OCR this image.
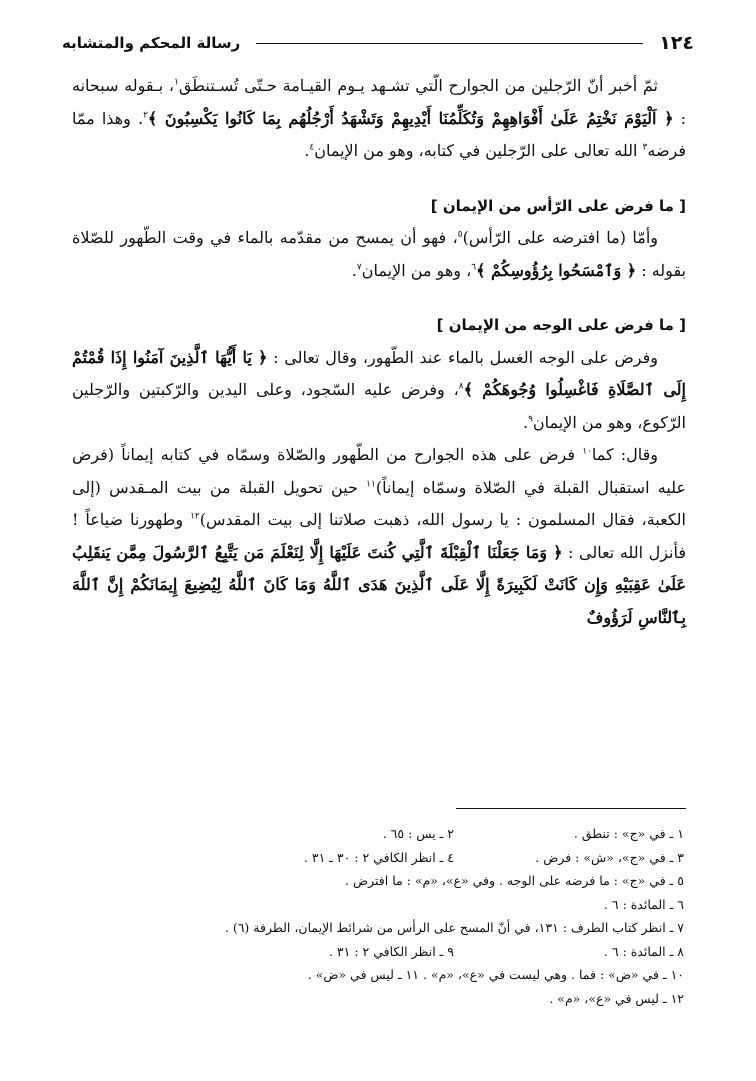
١٢٤
رسالة المحكم والمتشابه

ثمّ أخبر أنّ الرّجلين من الجوارح الّتي تشـهد يـوم القيـامة حـتّى تُسـتنطَق$^١$، بـقوله سبحانه : ﴿ اَلْيَوْمَ نَخْتِمُ عَلَىٰ أَفْوَاهِهِمْ وَتُكَلِّمُنَا أَيْدِيهِمْ وَتَشْهَدُ أَرْجُلُهُم بِمَا كَانُوا يَكْسِبُونَ ﴾$^٢$. وهذا ممّا فرضه$^٣$ الله تعالى على الرّجلين في كتابه، وهو من الإيمان$^٤$.

[ ما فرض على الرّأس من الإيمان ]

وأمّا (ما افترضه على الرّأس)$^٥$، فهو أن يمسح من مقدّمه بالماء في وقت الطّهور للصّلاة بقوله : ﴿ وَٱمْسَحُوا بِرُؤُوسِكُمْ ﴾$^٦$، وهو من الإيمان$^٧$.

[ ما فرض على الوجه من الإيمان ]

وفرض على الوجه الغسل بالماء عند الطّهور، وقال تعالى : ﴿ يَا أَيُّهَا ٱلَّذِينَ آمَنُوا إِذَا قُمْتُمْ إِلَى ٱلصَّلَاةِ فَاغْسِلُوا وُجُوهَكُمْ ﴾$^٨$، وفرض عليه السّجود، وعلى اليدين والرّكبتين والرّجلين الرّكوع، وهو من الإيمان$^٩$.

وقال: كما$^{١٠}$ فرض على هذه الجوارح من الطّهور والصّلاة وسمّاه في كتابه إيماناً (فرض عليه استقبال القبلة في الصّلاة وسمّاه إيماناً)$^{١١}$ حين تحويل القبلة من بيت المـقدس (إلى الكعبة، فقال المسلمون : يا رسول الله، ذهبت صلاتنا إلى بيت المقدس)$^{١٢}$ وطهورنا ضياعاً ! فأنزل الله تعالى : ﴿ وَمَا جَعَلْنَا ٱلْقِبْلَةَ ٱلَّتِي كُنتَ عَلَيْهَا إِلَّا لِنَعْلَمَ مَن يَتَّبِعُ ٱلرَّسُولَ مِمَّن يَنقَلِبُ عَلَىٰ عَقِبَيْهِ وَإِن كَانَتْ لَكَبِيرَةً إِلَّا عَلَى ٱلَّذِينَ هَدَى ٱللَّهُ وَمَا كَانَ ٱللَّهُ لِيُضِيعَ إِيمَانَكُمْ إِنَّ ٱللَّهَ بِٱلنَّاسِ لَرَؤُوفٌ

١ ـ في «ج» : تنطق .
٢ ـ يس : ٦٥ .
٣ ـ في «ج»، «ش» : فرض .
٤ ـ انظر الكافي ٢ : ٣٠ ـ ٣١ .
٥ ـ في «ج» : ما فرضه على الوجه . وفي «ع»، «م» : ما افترض .
٦ ـ المائدة : ٦ .
٧ ـ انظر كتاب الطرف : ١٣١، في أنّ المسح على الرأس من شرائط الإيمان، الطرفة (٦) .
٨ ـ المائدة : ٦ .
٩ ـ انظر الكافي ٢ : ٣١ .
١٠ ـ في «ض» : فما . وهي ليست في «ع»، «م» . ١١ ـ ليس في «ض» .
١٢ ـ ليس في «ع»، «م» .
